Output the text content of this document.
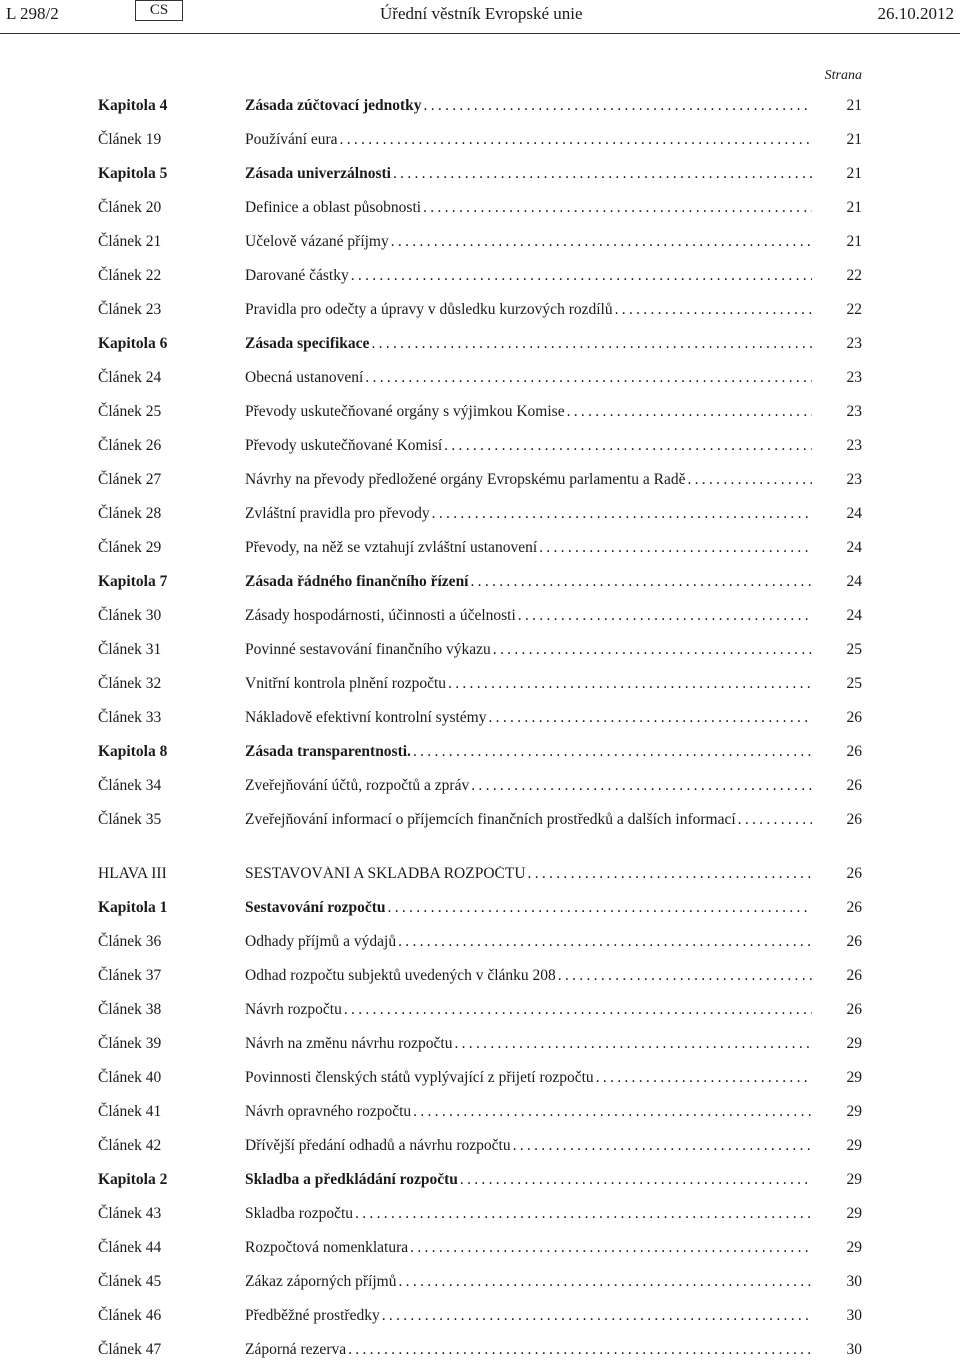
L 298/2	CS	Úřední věstník Evropské unie	26.10.2012
Strana
Kapitola 4	Zásada zúčtovací jednotky .....	21
Článek 19	Používání eura .....	21
Kapitola 5	Zásada univerzálnosti .....	21
Článek 20	Definice a oblast působnosti .....	21
Článek 21	Účelově vázané příjmy .....	21
Článek 22	Darované částky .....	22
Článek 23	Pravidla pro odečty a úpravy v důsledku kurzových rozdílů .....	22
Kapitola 6	Zásada specifikace .....	23
Článek 24	Obecná ustanovení .....	23
Článek 25	Převody uskutečňované orgány s výjimkou Komise .....	23
Článek 26	Převody uskutečňované Komisí .....	23
Článek 27	Návrhy na převody předložené orgány Evropskému parlamentu a Radě .....	23
Článek 28	Zvláštní pravidla pro převody .....	24
Článek 29	Převody, na něž se vztahují zvláštní ustanovení .....	24
Kapitola 7	Zásada řádného finančního řízení .....	24
Článek 30	Zásady hospodárnosti, účinnosti a účelnosti .....	24
Článek 31	Povinné sestavování finančního výkazu .....	25
Článek 32	Vnitřní kontrola plnění rozpočtu .....	25
Článek 33	Nákladově efektivní kontrolní systémy .....	26
Kapitola 8	Zásada transparentnosti. .....	26
Článek 34	Zveřejňování účtů, rozpočtů a zpráv .....	26
Článek 35	Zveřejňování informací o příjemcích finančních prostředků a dalších informací .....	26
HLAVA III	SESTAVOVÁNÍ A SKLADBA ROZPOČTU .....	26
Kapitola 1	Sestavování rozpočtu .....	26
Článek 36	Odhady příjmů a výdajů .....	26
Článek 37	Odhad rozpočtu subjektů uvedených v článku 208 .....	26
Článek 38	Návrh rozpočtu .....	26
Článek 39	Návrh na změnu návrhu rozpočtu .....	29
Článek 40	Povinnosti členských států vyplývající z přijetí rozpočtu .....	29
Článek 41	Návrh opravného rozpočtu .....	29
Článek 42	Dřívější předání odhadů a návrhu rozpočtu .....	29
Kapitola 2	Skladba a předkládání rozpočtu .....	29
Článek 43	Skladba rozpočtu .....	29
Článek 44	Rozpočtová nomenklatura .....	29
Článek 45	Zákaz záporných příjmů .....	30
Článek 46	Předběžné prostředky .....	30
Článek 47	Záporná rezerva .....	30
